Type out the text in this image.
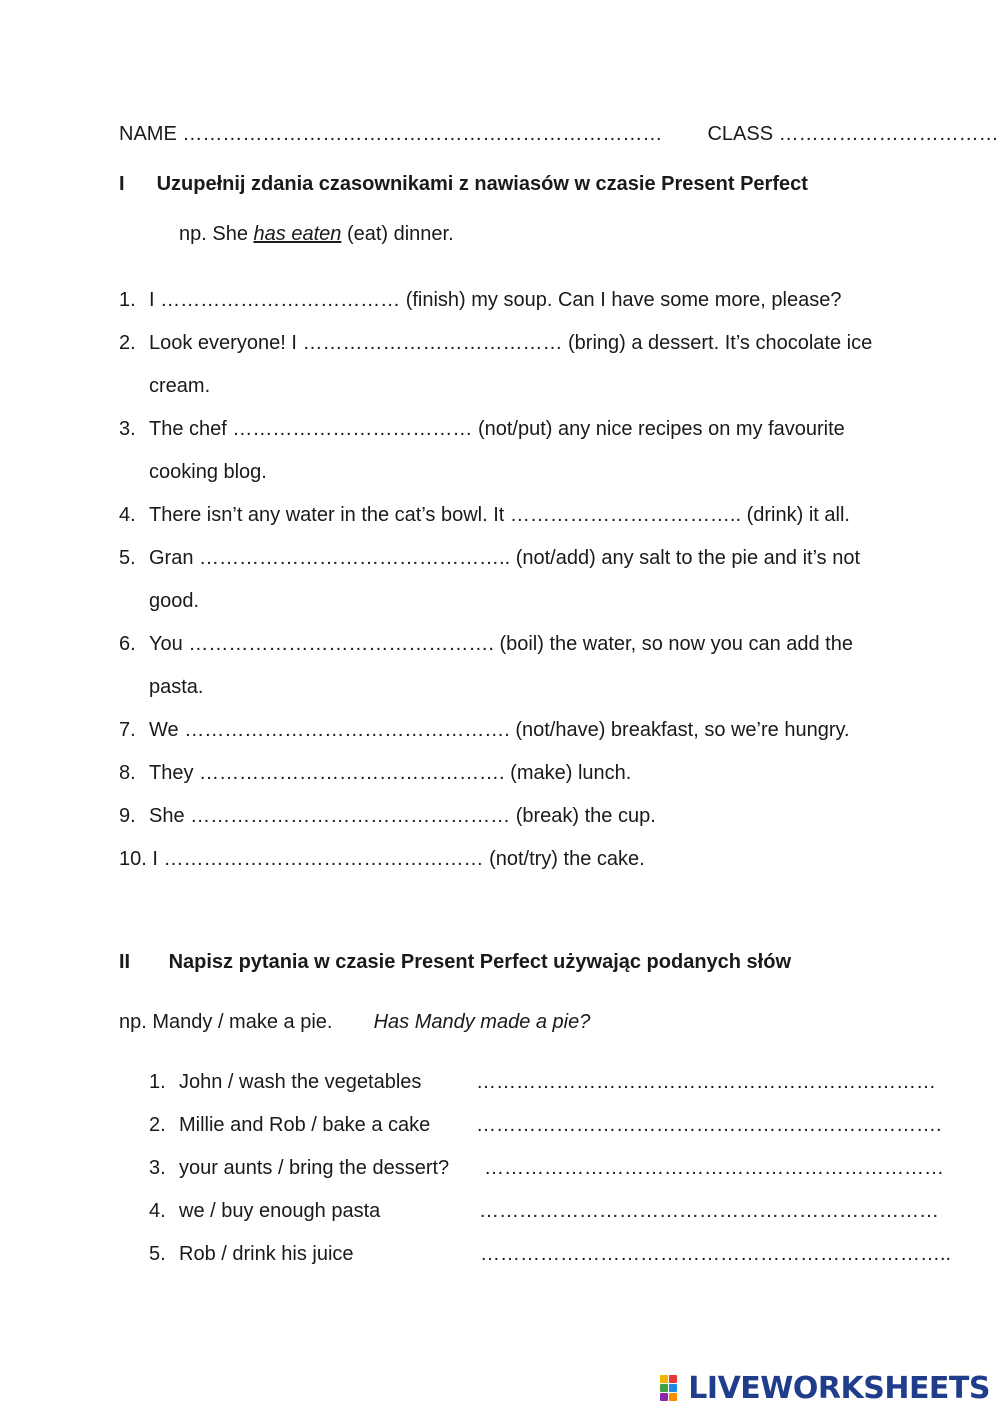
NAME ……………………………………………………………… CLASS ……………………………
I Uzupełnij zdania czasownikami z nawiasów w czasie Present Perfect
np. She has eaten (eat) dinner.
1. I ……………………………… (finish) my soup. Can I have some more, please?
2. Look everyone! I ………………………………… (bring) a dessert. It’s chocolate ice
cream.
3. The chef ……………………………… (not/put) any nice recipes on my favourite
cooking blog.
4. There isn’t any water in the cat’s bowl. It …………………………….. (drink) it all.
5. Gran ……………………………………….. (not/add) any salt to the pie and it’s not
good.
6. You ………………………………………. (boil) the water, so now you can add the
pasta.
7. We …………………………………………. (not/have) breakfast, so we’re hungry.
8. They ………………………………………. (make) lunch.
9. She ………………………………………… (break) the cup.
10. I ………………………………………… (not/try) the cake.
II Napisz pytania w czasie Present Perfect używając podanych słów
np. Mandy / make a pie. Has Mandy made a pie?
1. John / wash the vegetables	……………………………………………………………
2. Millie and Rob / bake a cake …………………………………………………………….
3. your aunts / bring the dessert? ……………………………………………………………
4. we / buy enough pasta	……………………………………………………………
5. Rob / drink his juice	……………………………………………………………..
LIVEWORKSHEETS
